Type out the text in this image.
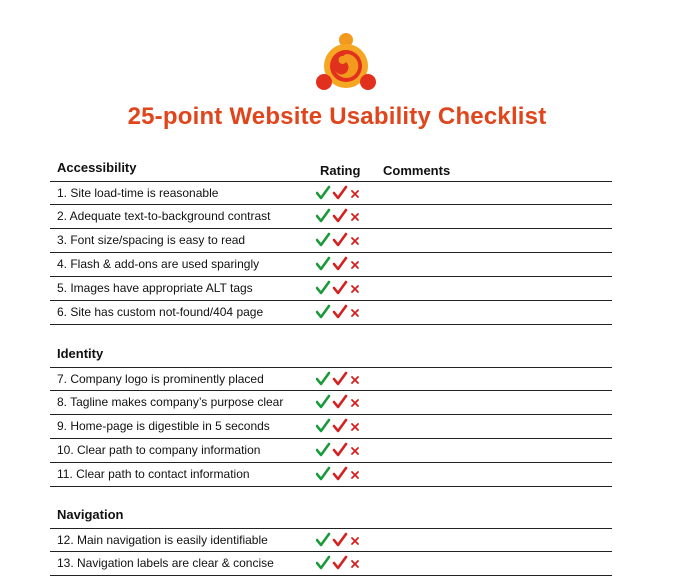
25-point Website Usability Checklist
Rating Comments
Accessibility
1. Site load-time is reasonable
2. Adequate text-to-background contrast
3. Font size/spacing is easy to read
4. Flash & add-ons are used sparingly
5. Images have appropriate ALT tags
6. Site has custom not-found/404 page
Identity
7. Company logo is prominently placed
8. Tagline makes company’s purpose clear
9. Home-page is digestible in 5 seconds
10. Clear path to company information
11. Clear path to contact information
Navigation
12. Main navigation is easily identifiable
13. Navigation labels are clear & concise
